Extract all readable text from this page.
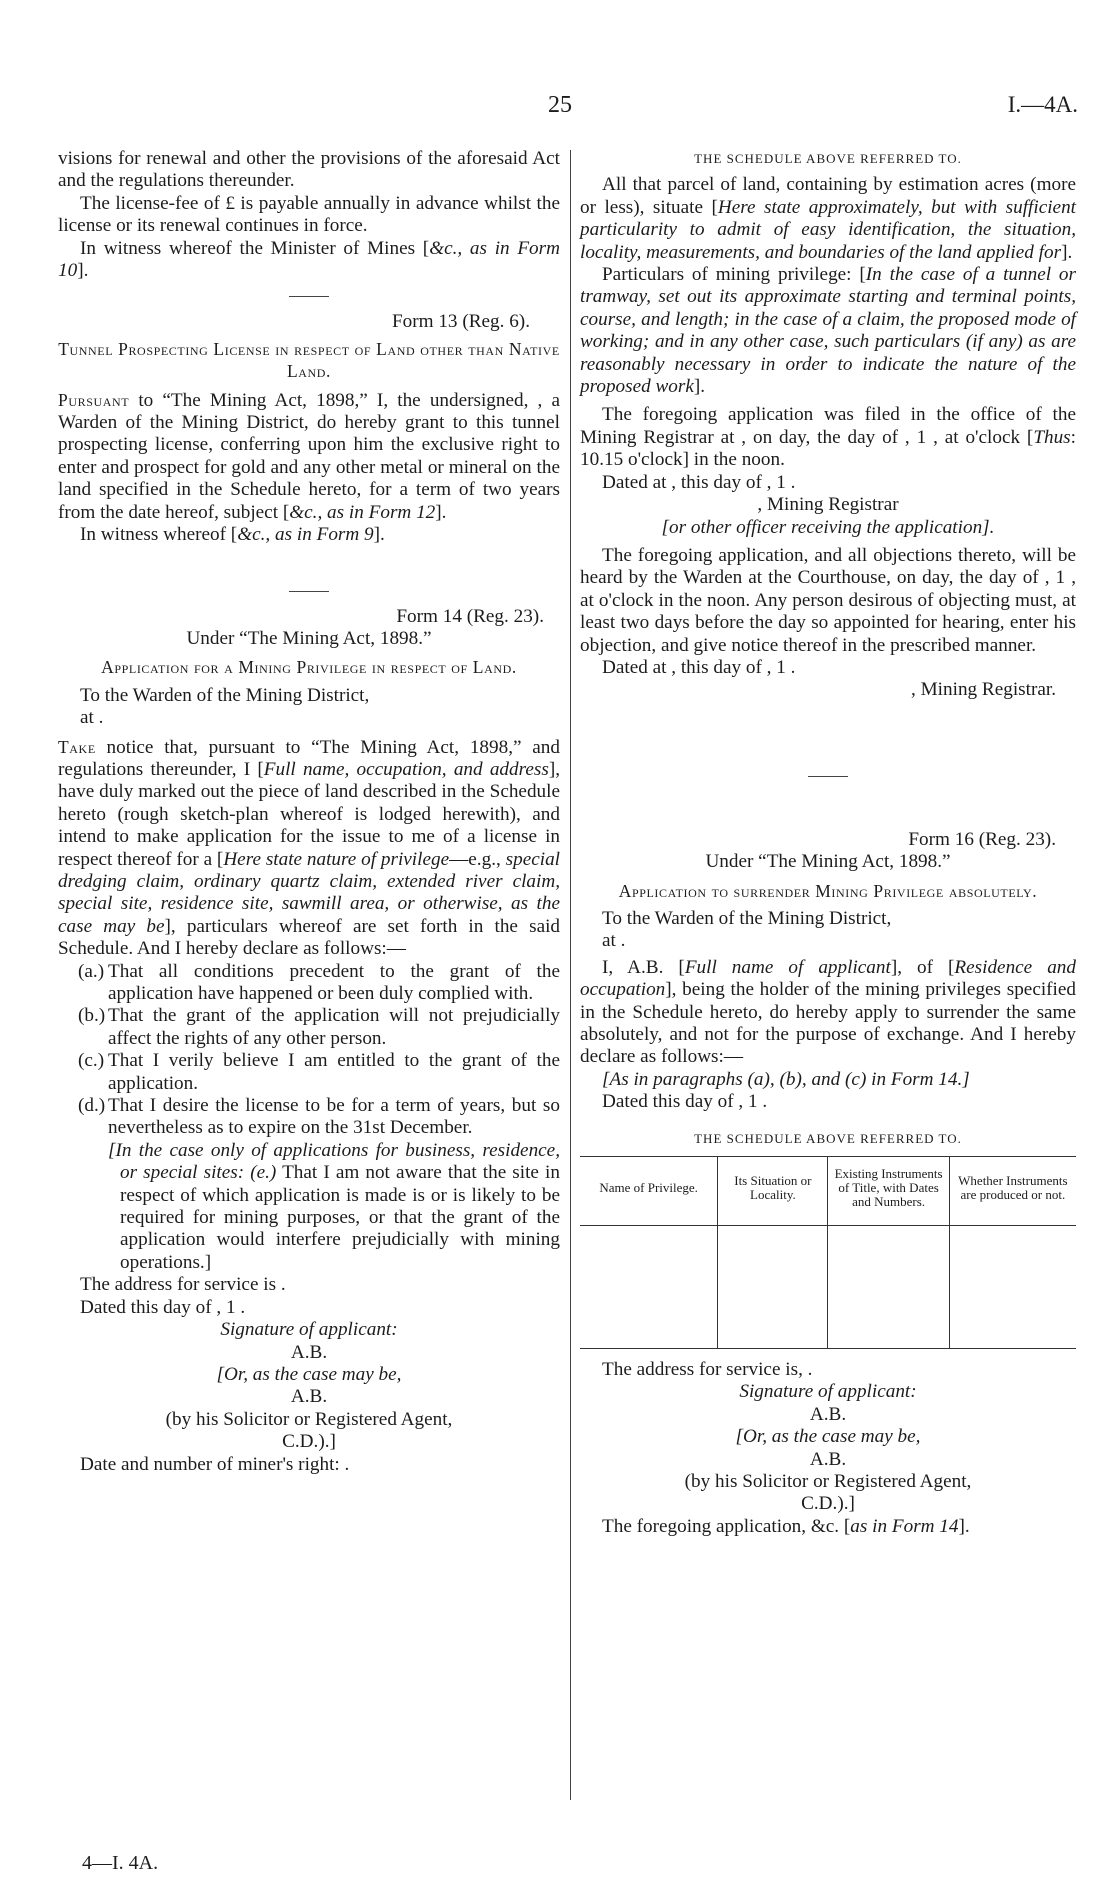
25	I.—4A.

visions for renewal and other the provisions of the aforesaid Act and the regulations thereunder.

The license-fee of £ is payable annually in advance whilst the license or its renewal continues in force.

In witness whereof the Minister of Mines [&c., as in Form 10].

Form 13 (Reg. 6).

Tunnel Prospecting License in respect of Land other than Native Land.

Pursuant to “The Mining Act, 1898,” I, the undersigned, , a Warden of the Mining District, do hereby grant to this tunnel prospecting license, conferring upon him the exclusive right to enter and prospect for gold and any other metal or mineral on the land specified in the Schedule hereto, for a term of two years from the date hereof, subject [&c., as in Form 12].

In witness whereof [&c., as in Form 9].

Form 14 (Reg. 23).

Under “The Mining Act, 1898.”

Application for a Mining Privilege in respect of Land.

To the Warden of the Mining District,

at .

Take notice that, pursuant to “The Mining Act, 1898,” and regulations thereunder, I [Full name, occupation, and address], have duly marked out the piece of land described in the Schedule hereto (rough sketch-plan whereof is lodged herewith), and intend to make application for the issue to me of a license in respect thereof for a [Here state nature of privilege—e.g., special dredging claim, ordinary quartz claim, extended river claim, special site, residence site, sawmill area, or otherwise, as the case may be], particulars whereof are set forth in the said Schedule. And I hereby declare as follows:—

(a.) That all conditions precedent to the grant of the application have happened or been duly complied with.
(b.) That the grant of the application will not prejudicially affect the rights of any other person.
(c.) That I verily believe I am entitled to the grant of the application.
(d.) That I desire the license to be for a term of years, but so nevertheless as to expire on the 31st December.

[In the case only of applications for business, residence, or special sites: (e.) That I am not aware that the site in respect of which application is made is or is likely to be required for mining purposes, or that the grant of the application would interfere prejudicially with mining operations.]

The address for service is .

Dated this day of , 1 .

Signature of applicant:

A.B.

[Or, as the case may be,

A.B.

(by his Solicitor or Registered Agent,

C.D.).]

Date and number of miner's right: .

THE SCHEDULE ABOVE REFERRED TO.

All that parcel of land, containing by estimation acres (more or less), situate [Here state approximately, but with sufficient particularity to admit of easy identification, the situation, locality, measurements, and boundaries of the land applied for].

Particulars of mining privilege: [In the case of a tunnel or tramway, set out its approximate starting and terminal points, course, and length; in the case of a claim, the proposed mode of working; and in any other case, such particulars (if any) as are reasonably necessary in order to indicate the nature of the proposed work].

The foregoing application was filed in the office of the Mining Registrar at , on day, the day of , 1 , at o'clock [Thus: 10.15 o'clock] in the noon.

Dated at , this day of , 1 .

, Mining Registrar

[or other officer receiving the application].

The foregoing application, and all objections thereto, will be heard by the Warden at the Courthouse, on day, the day of , 1 , at o'clock in the noon. Any person desirous of objecting must, at least two days before the day so appointed for hearing, enter his objection, and give notice thereof in the prescribed manner.

Dated at , this day of , 1 .

, Mining Registrar.

Form 16 (Reg. 23).

Under “The Mining Act, 1898.”

Application to surrender Mining Privilege absolutely.

To the Warden of the Mining District,

at .

I, A.B. [Full name of applicant], of [Residence and occupation], being the holder of the mining privileges specified in the Schedule hereto, do hereby apply to surrender the same absolutely, and not for the purpose of exchange. And I hereby declare as follows:—

[As in paragraphs (a), (b), and (c) in Form 14.]

Dated this day of , 1 .

THE SCHEDULE ABOVE REFERRED TO.

Name of Privilege.	Its Situation or Locality.	Existing Instruments of Title, with Dates and Numbers.	Whether Instruments are produced or not.

The address for service is, .

Signature of applicant:

A.B.

[Or, as the case may be,

A.B.

(by his Solicitor or Registered Agent,

C.D.).]

The foregoing application, &c. [as in Form 14].

4—I. 4A.
